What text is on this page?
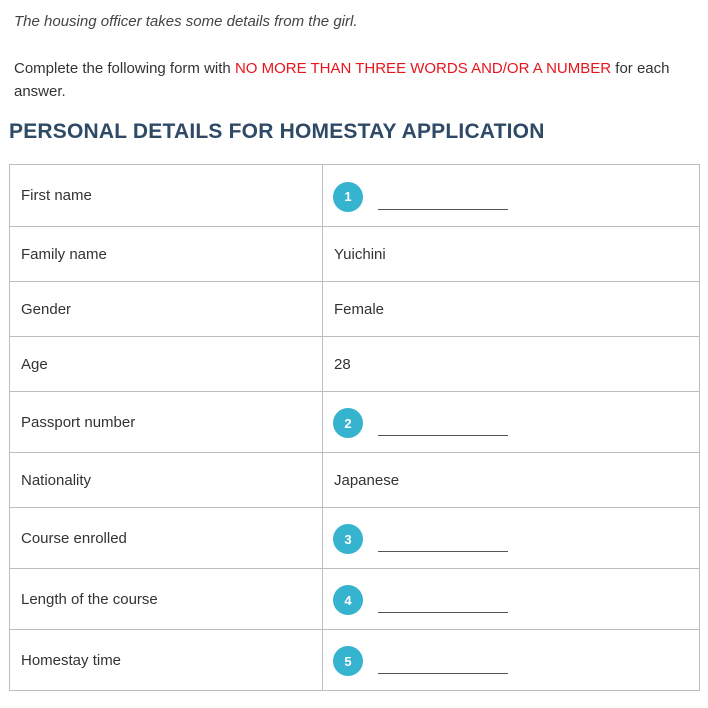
The housing officer takes some details from the girl.

Complete the following form with NO MORE THAN THREE WORDS AND/OR A NUMBER for each answer.

PERSONAL DETAILS FOR HOMESTAY APPLICATION
First name	1

Family name	Yuichini
Gender	Female
Age	28
Passport number	2

Nationality	Japanese
Course enrolled	3

Length of the course	4

Homestay time	5
